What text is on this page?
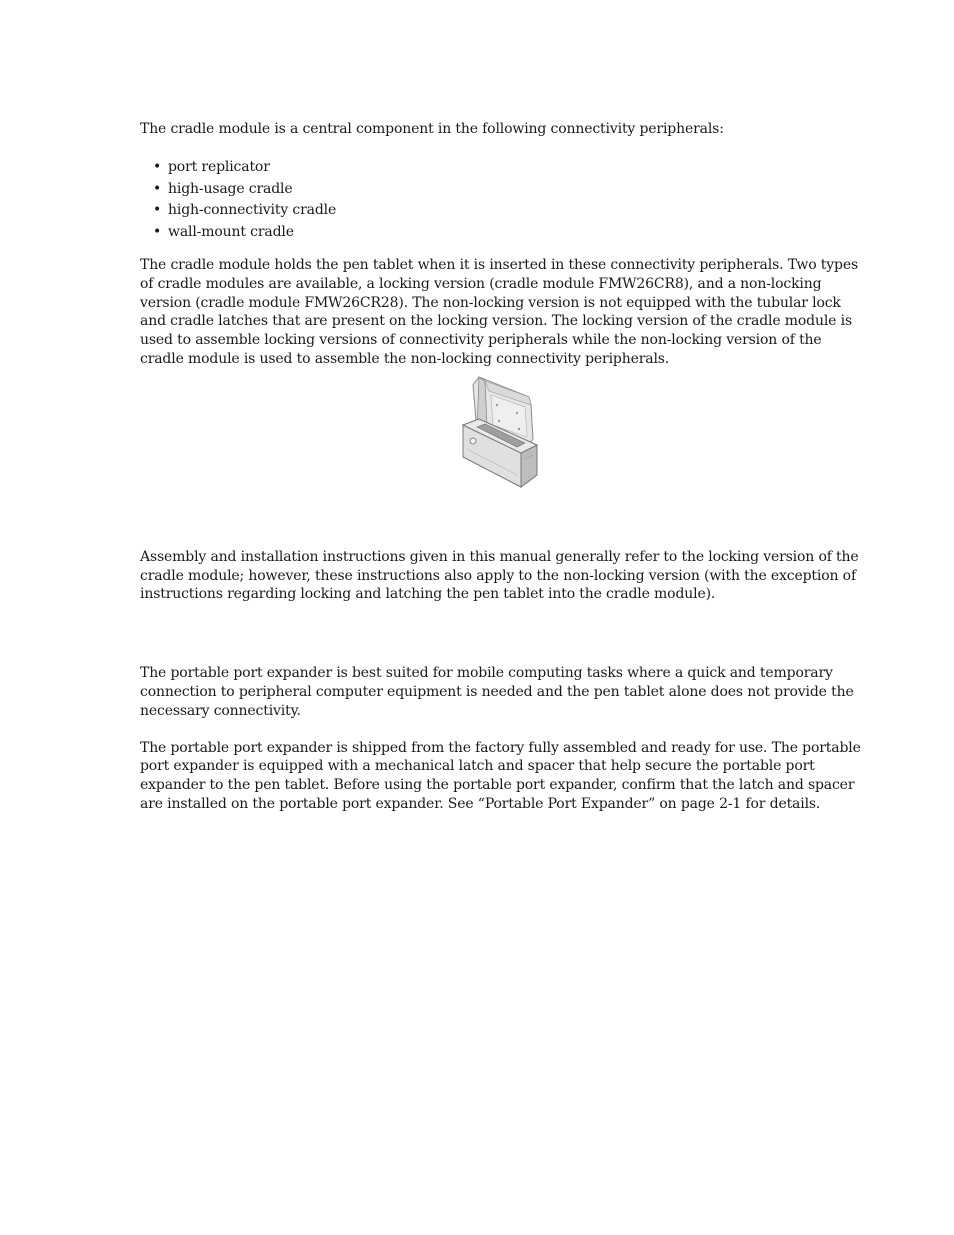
The cradle module is a central component in the following connectivity peripherals:

• port replicator
• high-usage cradle
• high-connectivity cradle
• wall-mount cradle

The cradle module holds the pen tablet when it is inserted in these connectivity peripherals. Two types of cradle modules are available, a locking version (cradle module FMW26CR8), and a non-locking version (cradle module FMW26CR28). The non-locking version is not equipped with the tubular lock and cradle latches that are present on the locking version. The locking version of the cradle module is used to assemble locking versions of connectivity peripherals while the non-locking version of the cradle module is used to assemble the non-locking connectivity peripherals.

Assembly and installation instructions given in this manual generally refer to the locking version of the cradle module; however, these instructions also apply to the non-locking version (with the exception of instructions regarding locking and latching the pen tablet into the cradle module).

The portable port expander is best suited for mobile computing tasks where a quick and temporary connection to peripheral computer equipment is needed and the pen tablet alone does not provide the necessary connectivity.

The portable port expander is shipped from the factory fully assembled and ready for use. The portable port expander is equipped with a mechanical latch and spacer that help secure the portable port expander to the pen tablet. Before using the portable port expander, confirm that the latch and spacer are installed on the portable port expander. See “Portable Port Expander” on page 2-1 for details.
